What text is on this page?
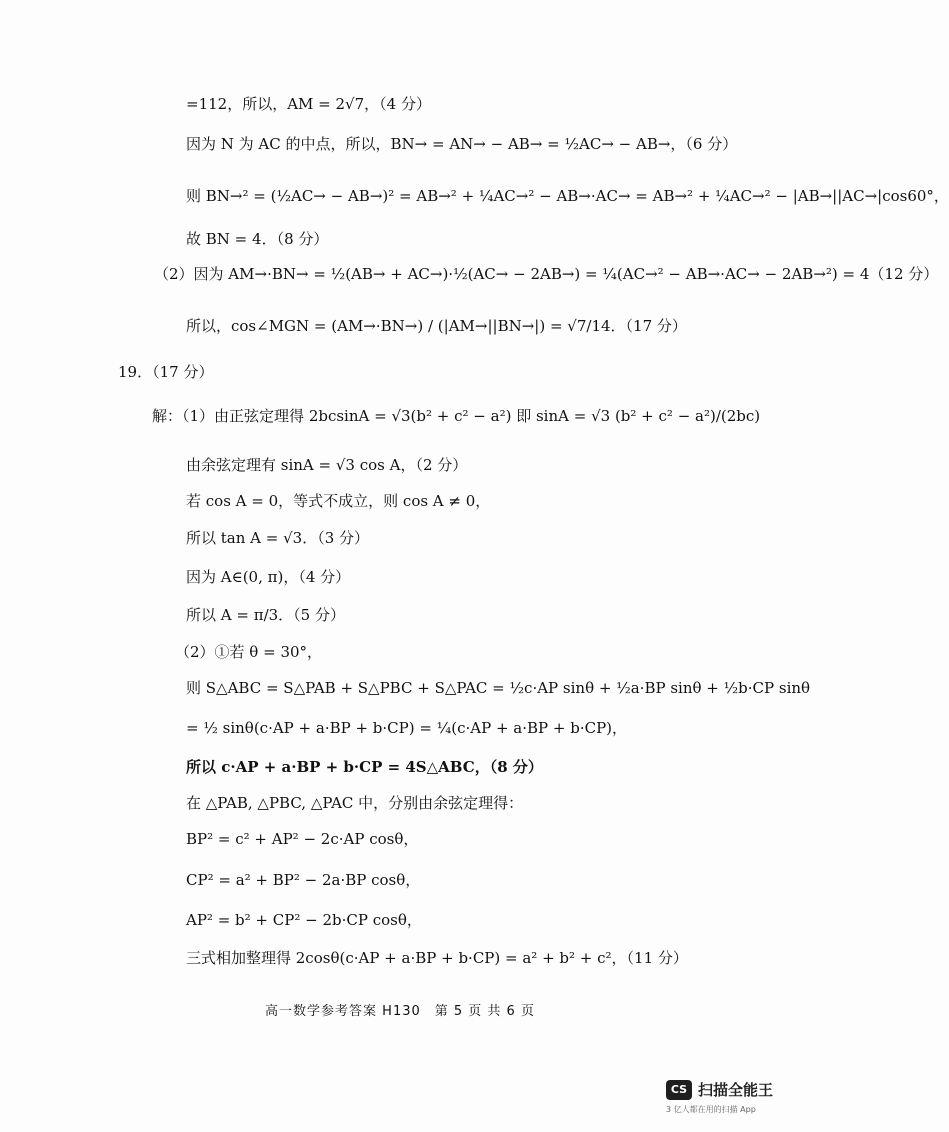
=112，所以，AM = 2√7，（4 分）
因为 N 为 AC 的中点，所以，BN→ = AN→ − AB→ = ½AC→ − AB→，（6 分）
则 BN→² = (½AC→ − AB→)² = AB→² + ¼AC→² − AB→·AC→ = AB→² + ¼AC→² − |AB→||AC→|cos60°，
故 BN = 4．（8 分）
（2）因为 AM→·BN→ = ½(AB→ + AC→)·½(AC→ − 2AB→) = ¼(AC→² − AB→·AC→ − 2AB→²) = 4（12 分）
所以，cos∠MGN = (AM→·BN→) / (|AM→||BN→|) = √7/14．（17 分）
19．（17 分）
解：（1）由正弦定理得 2bcsinA = √3(b² + c² − a²) 即 sinA = √3 (b² + c² − a²)/(2bc)
由余弦定理有 sinA = √3 cos A，（2 分）
若 cos A = 0，等式不成立，则 cos A ≠ 0，
所以 tan A = √3．（3 分）
因为 A∈(0, π)，（4 分）
所以 A = π/3．（5 分）
（2）①若 θ = 30°，
则 S△ABC = S△PAB + S△PBC + S△PAC = ½c·AP sinθ + ½a·BP sinθ + ½b·CP sinθ
= ½ sinθ(c·AP + a·BP + b·CP) = ¼(c·AP + a·BP + b·CP)，
所以 c·AP + a·BP + b·CP = 4S△ABC，（8 分）
在 △PAB, △PBC, △PAC 中，分别由余弦定理得：
BP² = c² + AP² − 2c·AP cosθ，
CP² = a² + BP² − 2a·BP cosθ，
AP² = b² + CP² − 2b·CP cosθ，
三式相加整理得 2cosθ(c·AP + a·BP + b·CP) = a² + b² + c²，（11 分）
高一数学参考答案 H130　第 5 页 共 6 页
CS 扫描全能王
3 亿人都在用的扫描 App
